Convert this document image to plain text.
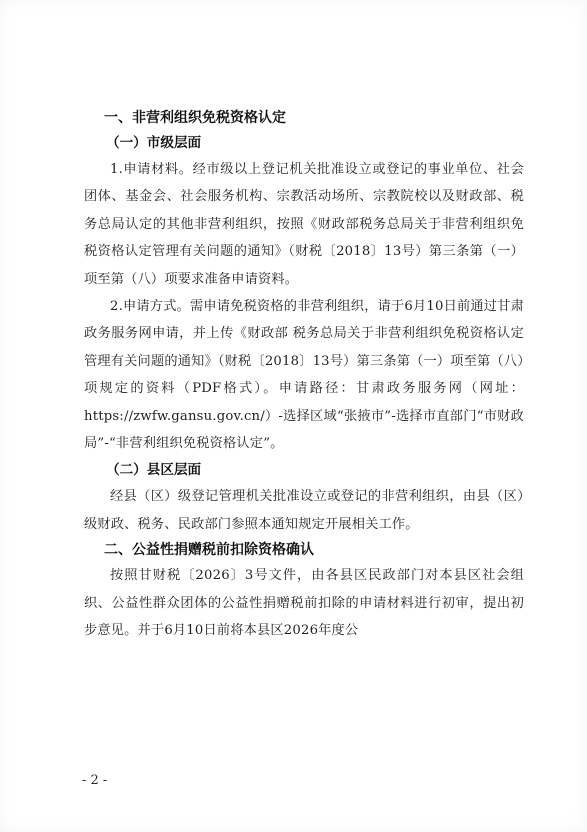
一、非营利组织免税资格认定
（一）市级层面

1.申请材料。经市级以上登记机关批准设立或登记的事业单位、社会团体、基金会、社会服务机构、宗教活动场所、宗教院校以及财政部、税务总局认定的其他非营利组织，按照《财政部税务总局关于非营利组织免税资格认定管理有关问题的通知》（财税〔2018〕13号）第三条第（一）项至第（八）项要求准备申请资料。

2.申请方式。需申请免税资格的非营利组织，请于6月10日前通过甘肃政务服务网申请，并上传《财政部 税务总局关于非营利组织免税资格认定管理有关问题的通知》（财税〔2018〕13号）第三条第（一）项至第（八）项规定的资料（PDF格式）。申请路径：甘肃政务服务网（网址：https://zwfw.gansu.gov.cn/）-选择区域“张掖市”-选择市直部门“市财政局”-“非营利组织免税资格认定”。

（二）县区层面

经县（区）级登记管理机关批准设立或登记的非营利组织，由县（区）级财政、税务、民政部门参照本通知规定开展相关工作。

二、公益性捐赠税前扣除资格确认

按照甘财税〔2026〕3号文件，由各县区民政部门对本县区社会组织、公益性群众团体的公益性捐赠税前扣除的申请材料进行初审，提出初步意见。并于6月10日前将本县区2026年度公

- 2 -
